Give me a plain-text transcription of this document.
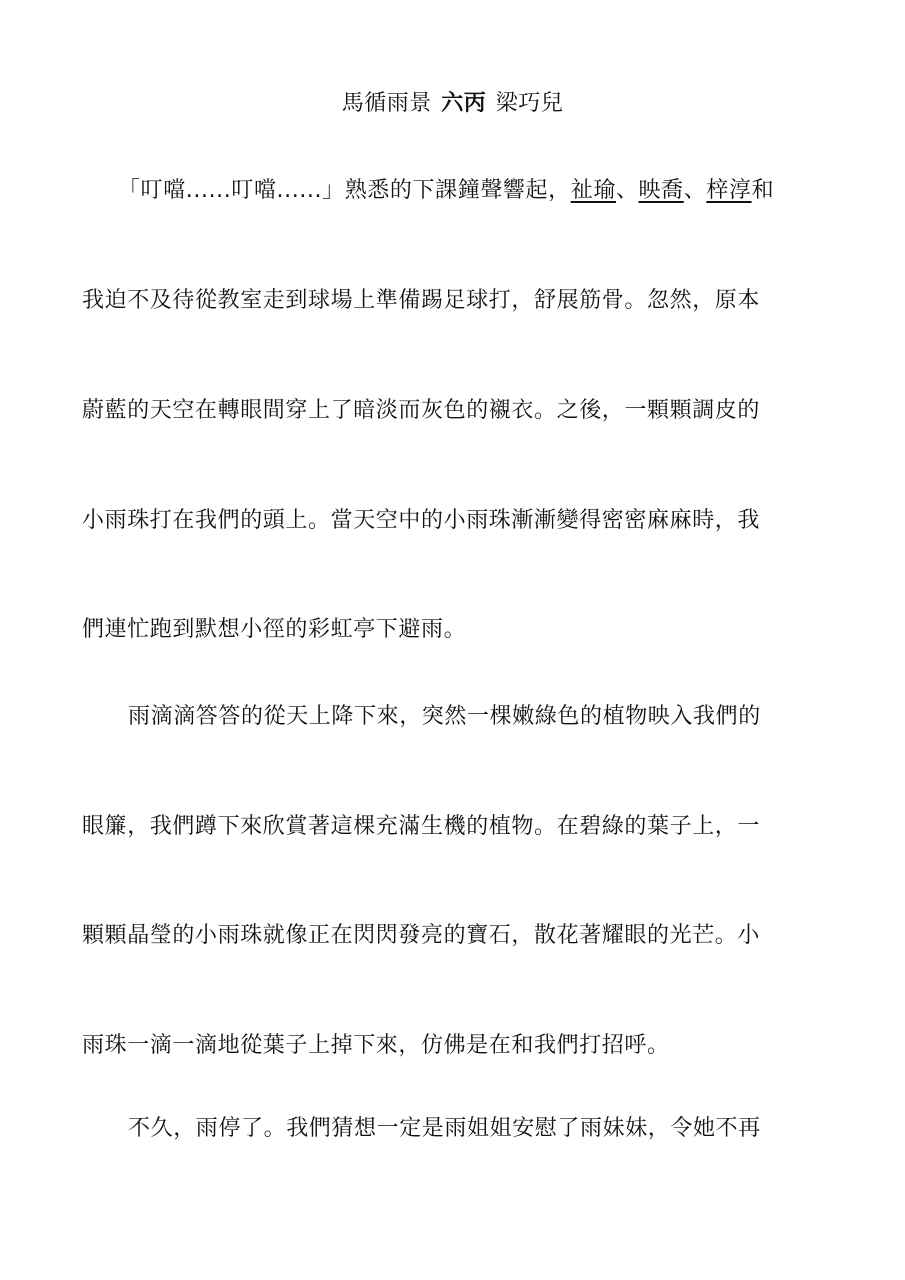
馬循雨景 六丙 梁巧兒
「叮噹......叮噹......」熟悉的下課鐘聲響起，祉瑜、映喬、梓淳和
我迫不及待從教室走到球場上準備踢足球打，舒展筋骨。忽然，原本
蔚藍的天空在轉眼間穿上了暗淡而灰色的襯衣。之後，一顆顆調皮的
小雨珠打在我們的頭上。當天空中的小雨珠漸漸變得密密麻麻時，我
們連忙跑到默想小徑的彩虹亭下避雨。
雨滴滴答答的從天上降下來，突然一棵嫩綠色的植物映入我們的
眼簾，我們蹲下來欣賞著這棵充滿生機的植物。在碧綠的葉子上，一
顆顆晶瑩的小雨珠就像正在閃閃發亮的寶石，散花著耀眼的光芒。小
雨珠一滴一滴地從葉子上掉下來，仿佛是在和我們打招呼。
不久，雨停了。我們猜想一定是雨姐姐安慰了雨妹妹，令她不再
